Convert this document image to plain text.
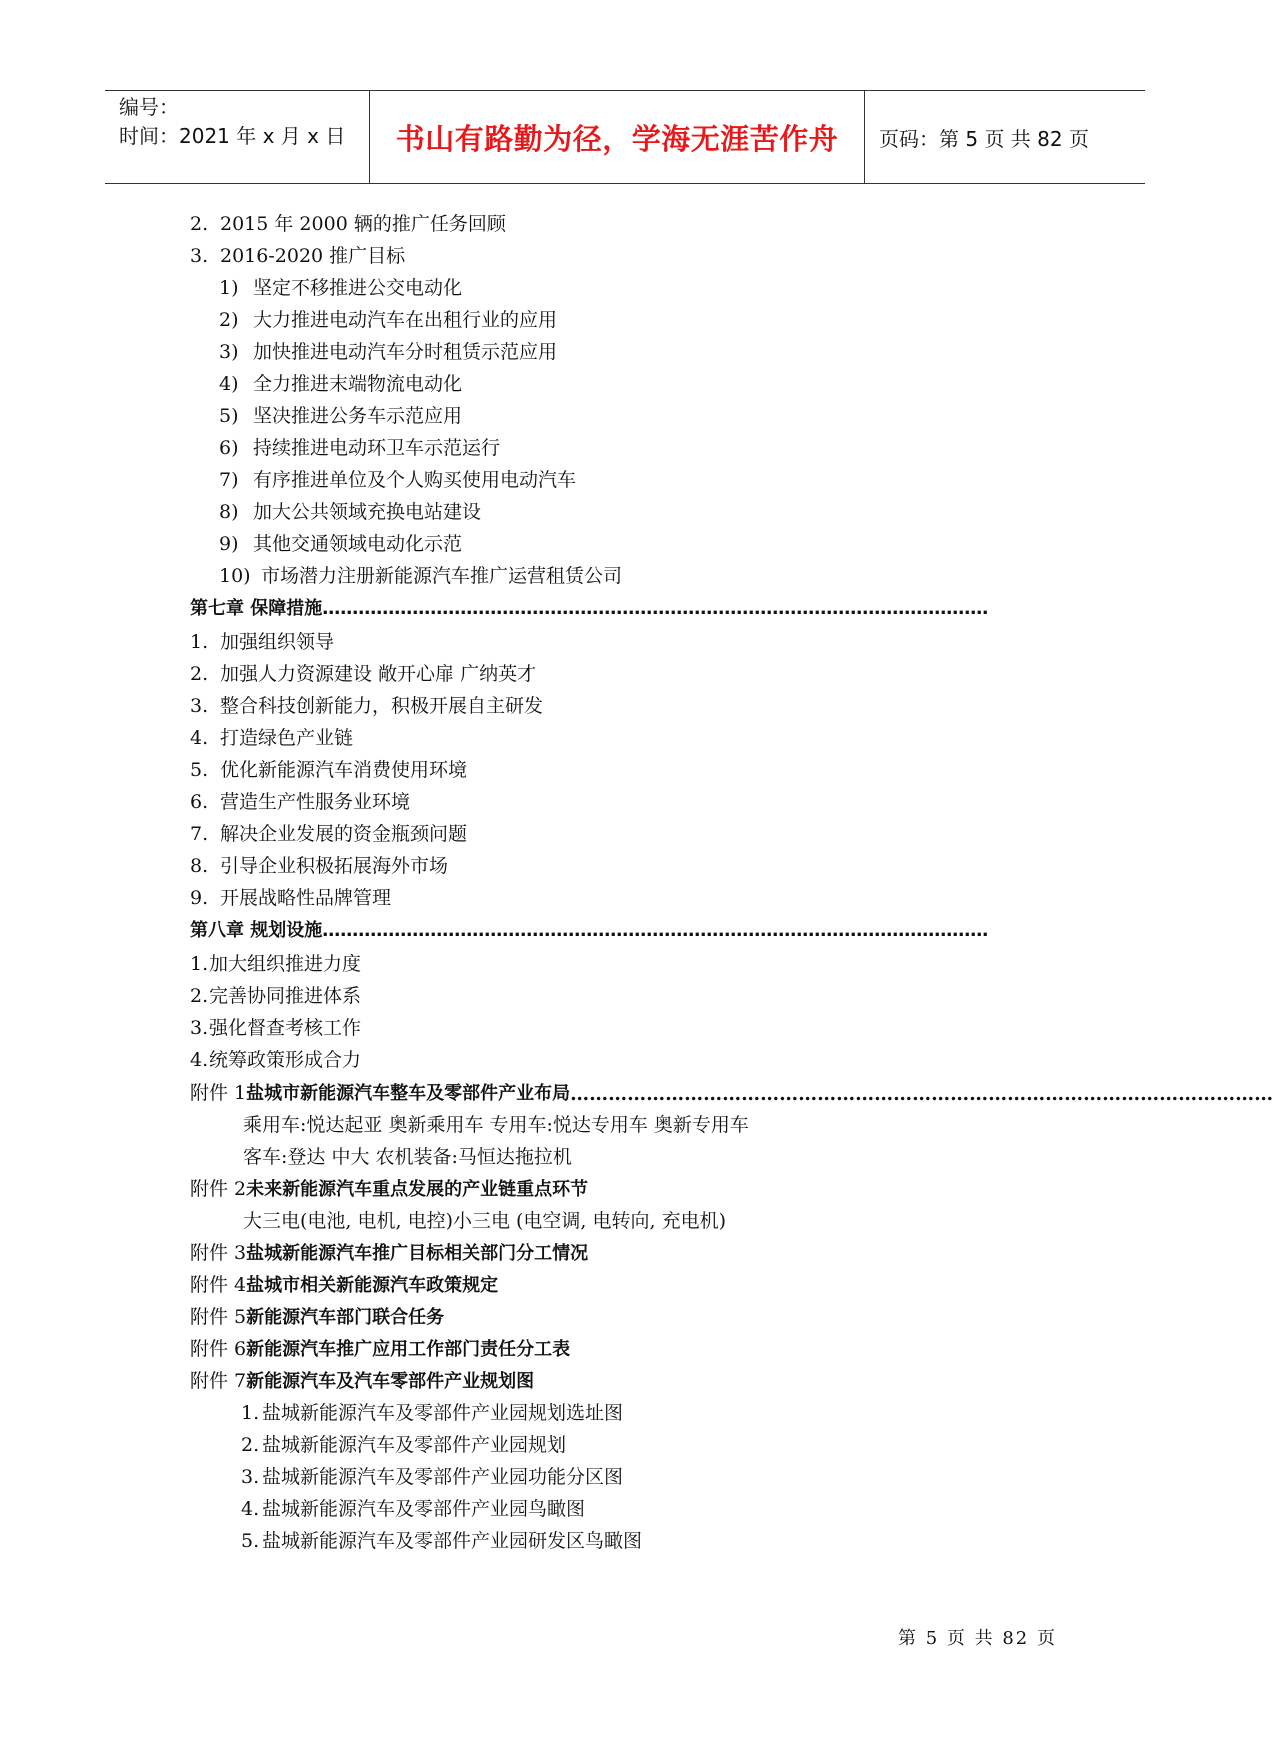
编号：
时间：2021 年 x 月 x 日	书山有路勤为径，学海无涯苦作舟 页码：第 5 页 共 82 页
2. 2015 年 2000 辆的推广任务回顾
3. 2016-2020 推广目标
1) 坚定不移推进公交电动化
2) 大力推进电动汽车在出租行业的应用
3) 加快推进电动汽车分时租赁示范应用
4) 全力推进末端物流电动化
5) 坚决推进公务车示范应用
6) 持续推进电动环卫车示范运行
7) 有序推进单位及个人购买使用电动汽车
8) 加大公共领域充换电站建设
9) 其他交通领域电动化示范
10) 市场潜力注册新能源汽车推广运营租赁公司
第七章 保障措施…………………………………………………………………………………………………
1. 加强组织领导
2. 加强人力资源建设 敞开心扉 广纳英才
3. 整合科技创新能力，积极开展自主研发
4. 打造绿色产业链
5. 优化新能源汽车消费使用环境
6. 营造生产性服务业环境
7. 解决企业发展的资金瓶颈问题
8. 引导企业积极拓展海外市场
9. 开展战略性品牌管理
第八章 规划设施…………………………………………………………………………………………………
1.加大组织推进力度
2.完善协同推进体系
3.强化督查考核工作
4.统筹政策形成合力
附件 1盐城市新能源汽车整车及零部件产业布局…………………………………………………………………………………………………
乘用车:悦达起亚 奥新乘用车 专用车:悦达专用车 奥新专用车
客车:登达 中大 农机装备:马恒达拖拉机
附件 2未来新能源汽车重点发展的产业链重点环节
大三电(电池, 电机, 电控)小三电 (电空调, 电转向, 充电机)
附件 3盐城新能源汽车推广目标相关部门分工情况
附件 4盐城市相关新能源汽车政策规定
附件 5新能源汽车部门联合任务
附件 6新能源汽车推广应用工作部门责任分工表
附件 7新能源汽车及汽车零部件产业规划图
1. 盐城新能源汽车及零部件产业园规划选址图
2. 盐城新能源汽车及零部件产业园规划
3. 盐城新能源汽车及零部件产业园功能分区图
4. 盐城新能源汽车及零部件产业园鸟瞰图
5. 盐城新能源汽车及零部件产业园研发区鸟瞰图
第 5 页 共 82 页
